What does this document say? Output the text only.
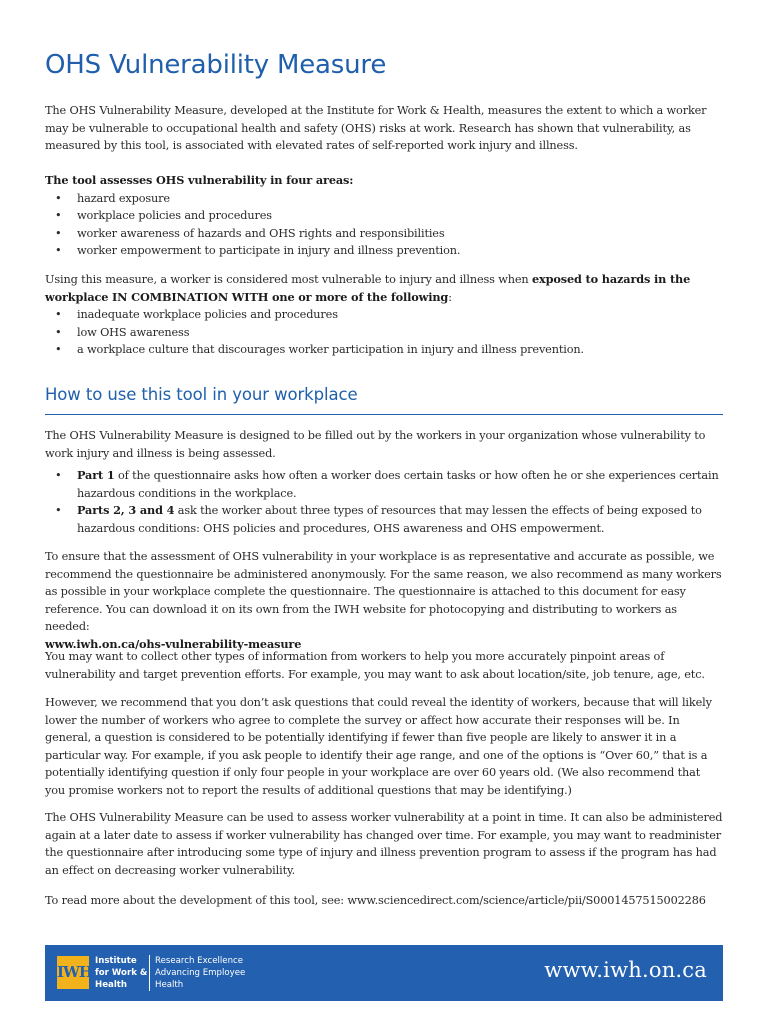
OHS Vulnerability Measure

The OHS Vulnerability Measure, developed at the Institute for Work & Health, measures the extent to which a worker may be vulnerable to occupational health and safety (OHS) risks at work. Research has shown that vulnerability, as measured by this tool, is associated with elevated rates of self-reported work injury and illness.

The tool assesses OHS vulnerability in four areas:

• hazard exposure
• workplace policies and procedures
• worker awareness of hazards and OHS rights and responsibilities
• worker empowerment to participate in injury and illness prevention.

Using this measure, a worker is considered most vulnerable to injury and illness when exposed to hazards in the workplace IN COMBINATION WITH one or more of the following:

• inadequate workplace policies and procedures
• low OHS awareness
• a workplace culture that discourages worker participation in injury and illness prevention.
How to use this tool in your workplace

The OHS Vulnerability Measure is designed to be filled out by the workers in your organization whose vulnerability to work injury and illness is being assessed.

• Part 1 of the questionnaire asks how often a worker does certain tasks or how often he or she experiences certain hazardous conditions in the workplace.
• Parts 2, 3 and 4 ask the worker about three types of resources that may lessen the effects of being exposed to hazardous conditions: OHS policies and procedures, OHS awareness and OHS empowerment.

To ensure that the assessment of OHS vulnerability in your workplace is as representative and accurate as possible, we recommend the questionnaire be administered anonymously. For the same reason, we also recommend as many workers as possible in your workplace complete the questionnaire. The questionnaire is attached to this document for easy reference. You can download it on its own from the IWH website for photocopying and distributing to workers as needed:

www.iwh.on.ca/ohs-vulnerability-measure

You may want to collect other types of information from workers to help you more accurately pinpoint areas of vulnerability and target prevention efforts. For example, you may want to ask about location/site, job tenure, age, etc.

However, we recommend that you don’t ask questions that could reveal the identity of workers, because that will likely lower the number of workers who agree to complete the survey or affect how accurate their responses will be. In general, a question is considered to be potentially identifying if fewer than five people are likely to answer it in a particular way. For example, if you ask people to identify their age range, and one of the options is “Over 60,” that is a potentially identifying question if only four people in your workplace are over 60 years old. (We also recommend that you promise workers not to report the results of additional questions that may be identifying.)

The OHS Vulnerability Measure can be used to assess worker vulnerability at a point in time. It can also be administered again at a later date to assess if worker vulnerability has changed over time. For example, you may want to readminister the questionnaire after introducing some type of injury and illness prevention program to assess if the program has had an effect on decreasing worker vulnerability.

To read more about the development of this tool, see: www.sciencedirect.com/science/article/pii/S0001457515002286

IWH
Institute
for Work &
Health
Research Excellence
Advancing Employee
Health
www.iwh.on.ca
